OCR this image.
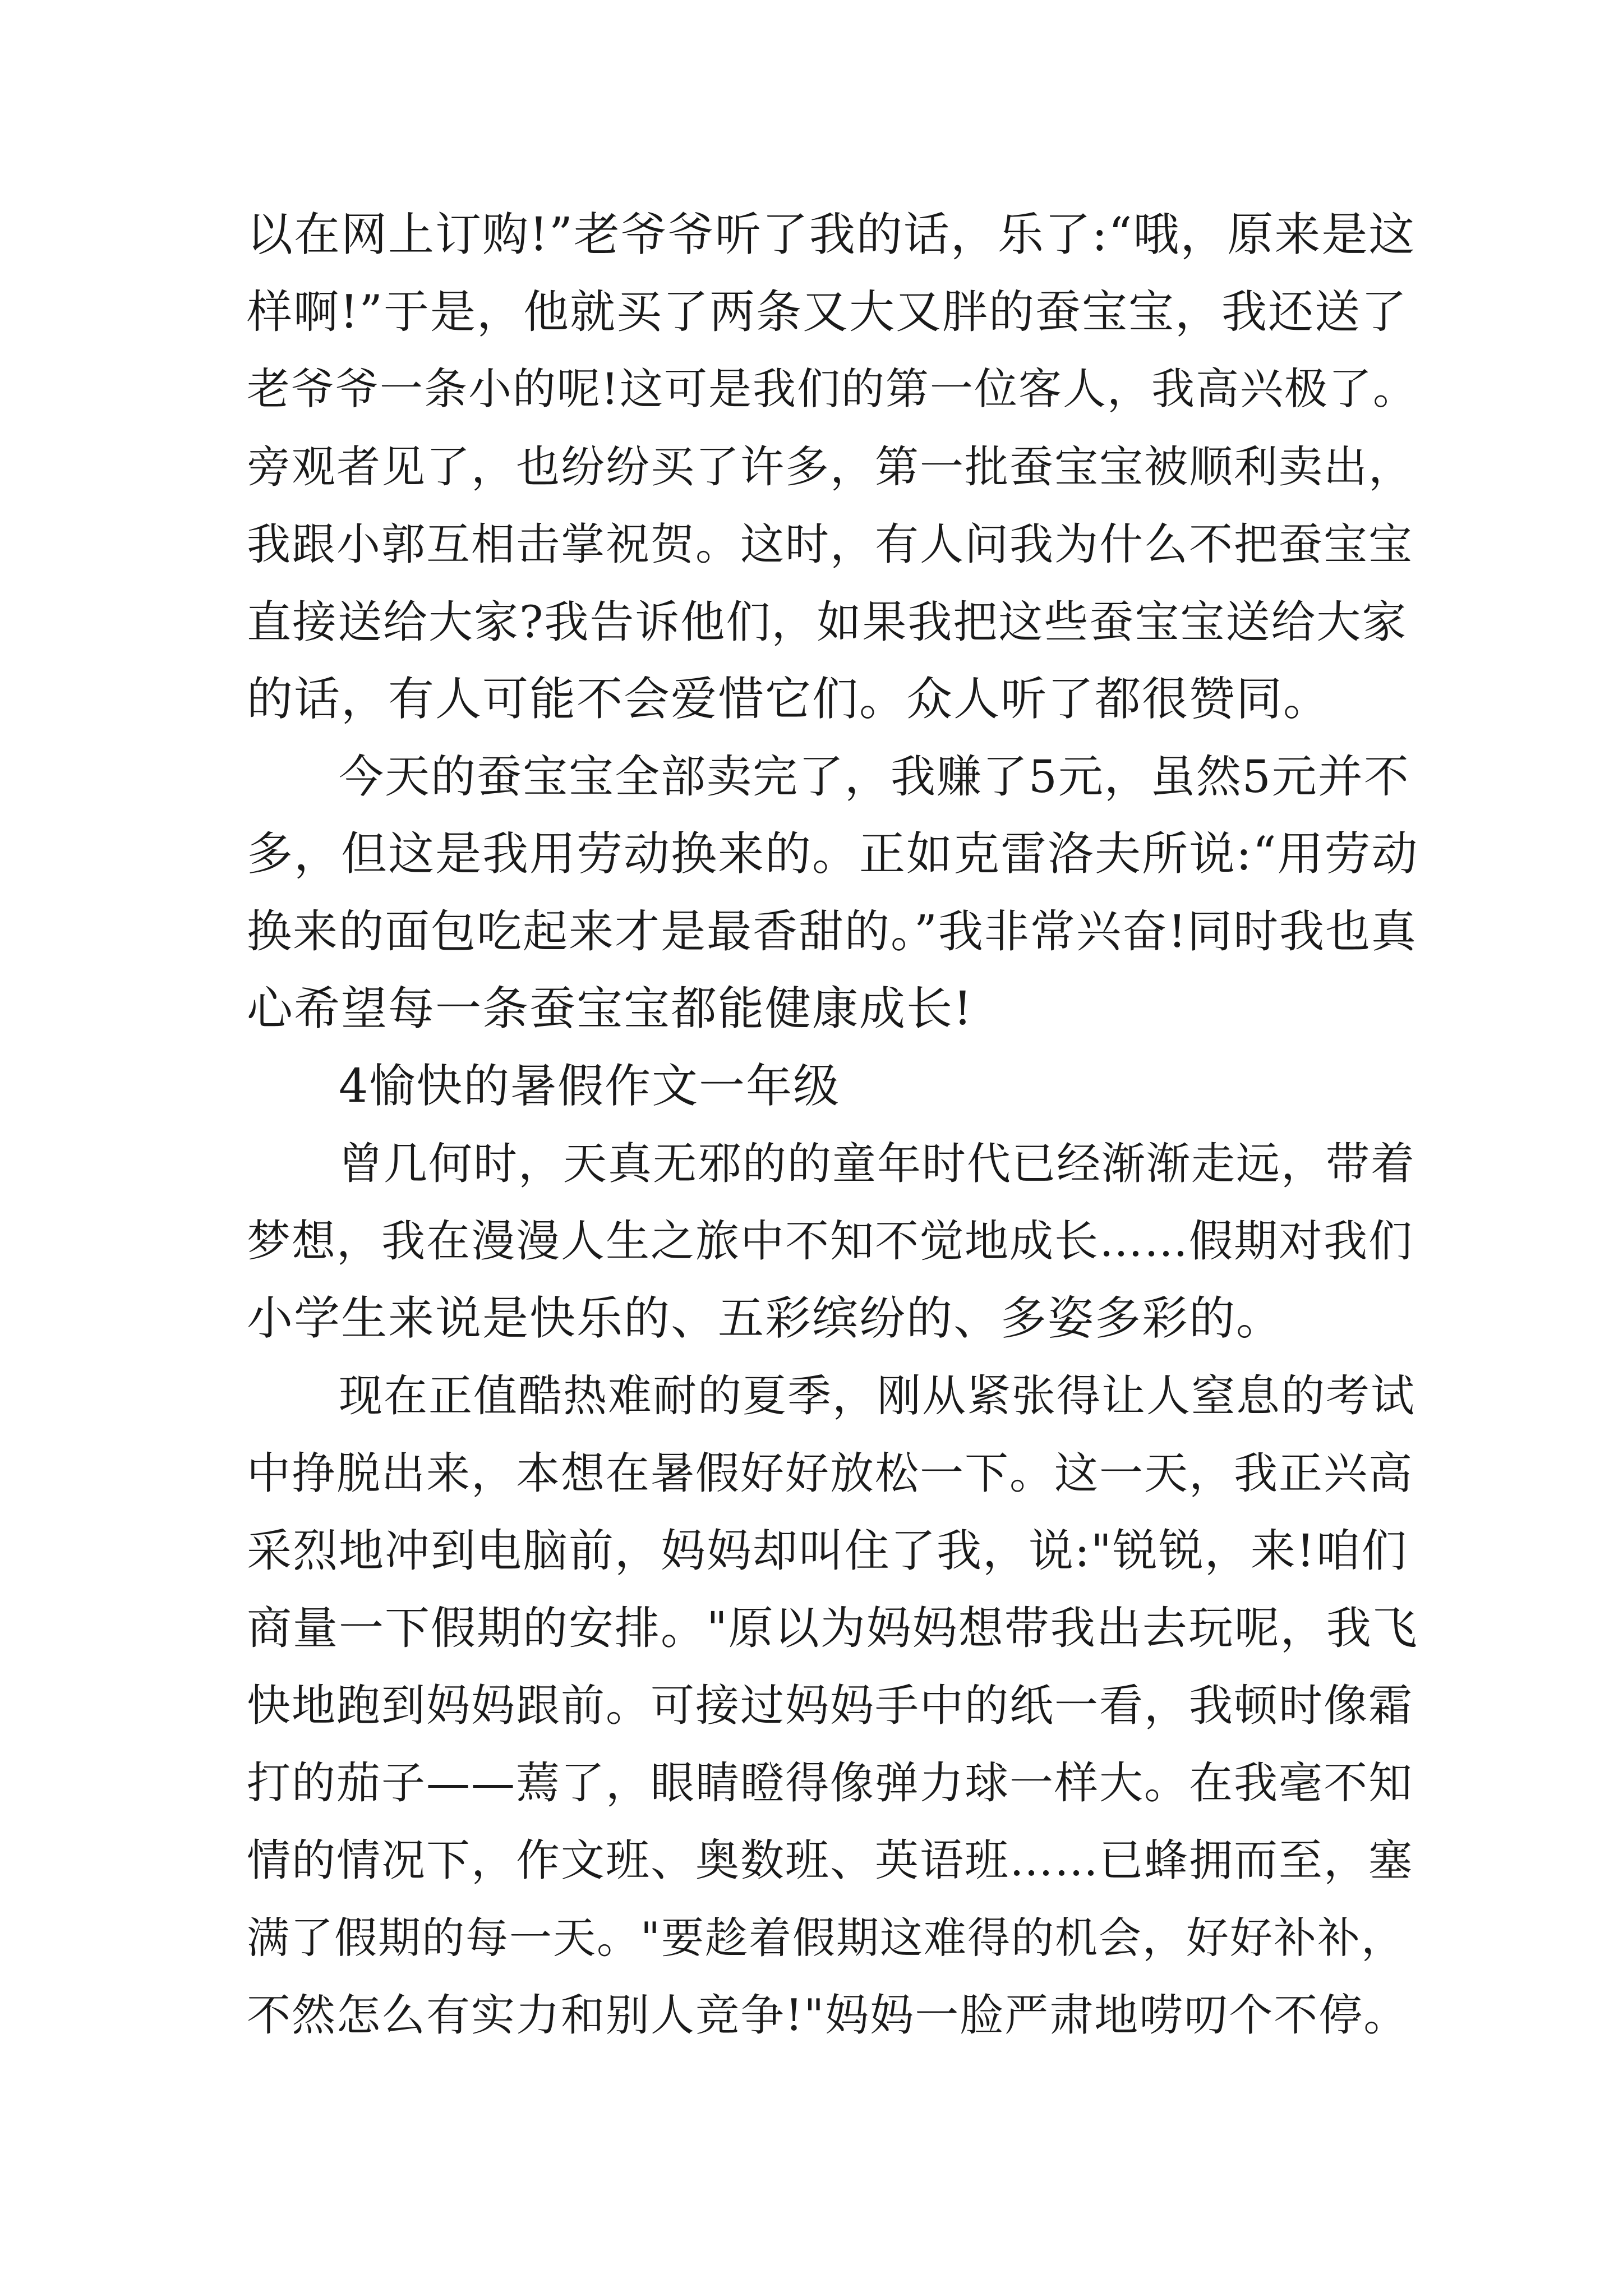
以在网上订购!”老爷爷听了我的话，乐了:“哦，原来是这
样啊!”于是，他就买了两条又大又胖的蚕宝宝，我还送了
老爷爷一条小的呢!这可是我们的第一位客人，我高兴极了。
旁观者见了，也纷纷买了许多，第一批蚕宝宝被顺利卖出，
我跟小郭互相击掌祝贺。这时，有人问我为什么不把蚕宝宝
直接送给大家?我告诉他们，如果我把这些蚕宝宝送给大家
的话，有人可能不会爱惜它们。众人听了都很赞同。
今天的蚕宝宝全部卖完了，我赚了5元，虽然5元并不
多，但这是我用劳动换来的。正如克雷洛夫所说:“用劳动
换来的面包吃起来才是最香甜的。”我非常兴奋!同时我也真
心希望每一条蚕宝宝都能健康成长!
4愉快的暑假作文一年级
曾几何时，天真无邪的的童年时代已经渐渐走远，带着
梦想，我在漫漫人生之旅中不知不觉地成长……假期对我们
小学生来说是快乐的、五彩缤纷的、多姿多彩的。
现在正值酷热难耐的夏季，刚从紧张得让人窒息的考试
中挣脱出来，本想在暑假好好放松一下。这一天，我正兴高
采烈地冲到电脑前，妈妈却叫住了我，说:"锐锐，来!咱们
商量一下假期的安排。"原以为妈妈想带我出去玩呢，我飞
快地跑到妈妈跟前。可接过妈妈手中的纸一看，我顿时像霜
打的茄子——蔫了，眼睛瞪得像弹力球一样大。在我毫不知
情的情况下，作文班、奥数班、英语班……已蜂拥而至，塞
满了假期的每一天。"要趁着假期这难得的机会，好好补补，
不然怎么有实力和别人竞争!"妈妈一脸严肃地唠叨个不停。
